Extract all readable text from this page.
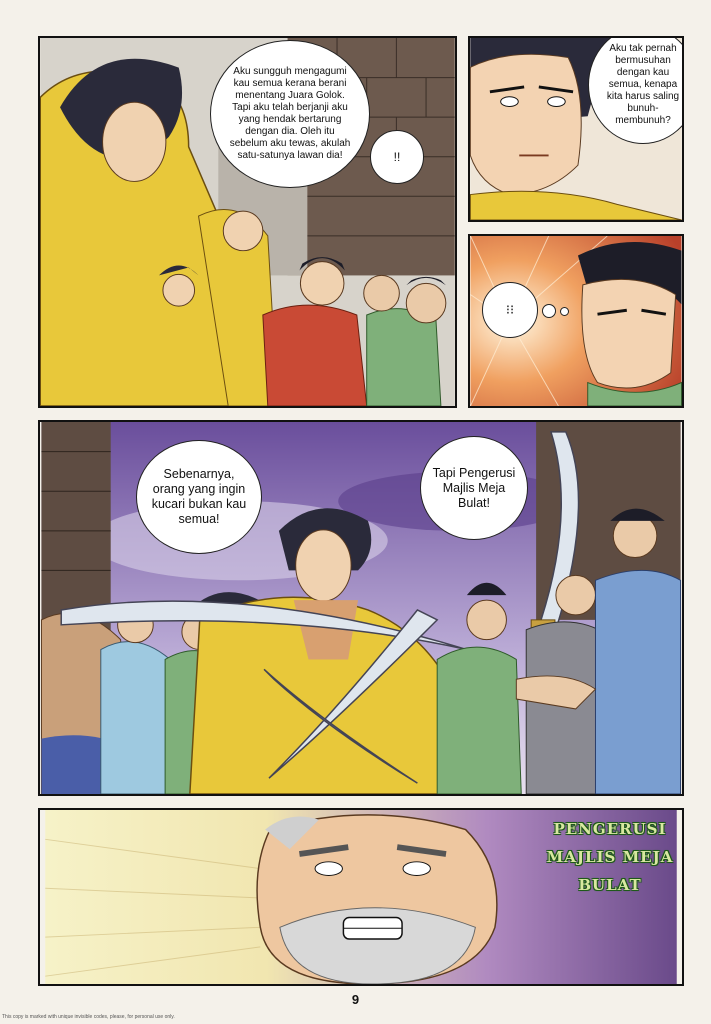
Aku sungguh mengagumi kau semua kerana berani menentang Juara Golok. Tapi aku telah berjanji aku yang hendak bertarung dengan dia. Oleh itu sebelum aku tewas, akulah satu-satunya lawan dia!	!!
Aku tak pernah bermusuhan dengan kau semua, kenapa kita harus saling bunuh-membunuh?
⁝⁝
Sebenarnya, orang yang ingin kucari bukan kau semua!
Tapi Pengerusi Majlis Meja Bulat!
PENGERUSI
MAJLIS MEJA
BULAT
9
This copy is marked with unique invisible codes, please, for personal use only.
